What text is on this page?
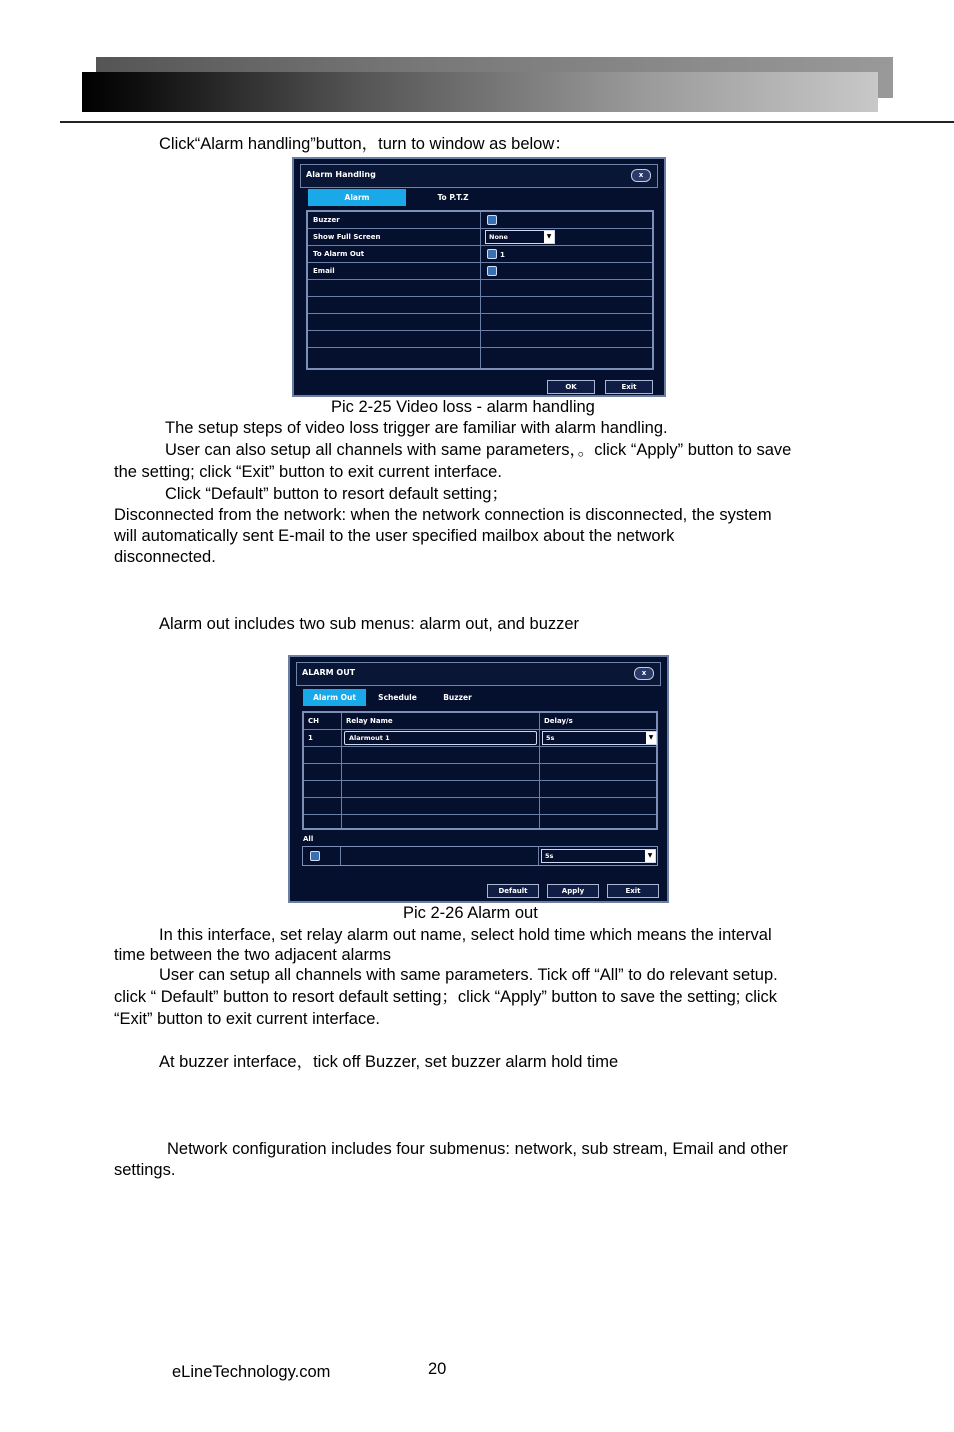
Click“Alarm handling”button，turn to window as below：
Alarm Handling	x
Alarm	To P.T.Z
Buzzer
Show Full Screen	None	▼
To Alarm Out	1
Email
OK	Exit
Pic 2-25 Video loss - alarm handling
The setup steps of video loss trigger are familiar with alarm handling.
User can also setup all channels with same parameters，。click “Apply” button to save
the setting; click “Exit” button to exit current interface.
Click “Default” button to resort default setting；
Disconnected from the network: when the network connection is disconnected, the system
will automatically sent E-mail to the user specified mailbox about the network
disconnected.
Alarm out includes two sub menus: alarm out, and buzzer
ALARM OUT	x
Alarm Out	Schedule	Buzzer
CH	Relay Name	Delay/s
1	Alarmout 1	5s	▼
All
5s	▼
Default	Apply	Exit
Pic 2-26 Alarm out
In this interface, set relay alarm out name, select hold time which means the interval
time between the two adjacent alarms
User can setup all channels with same parameters. Tick off “All” to do relevant setup.
click “ Default” button to resort default setting；click “Apply” button to save the setting; click
“Exit” button to exit current interface.
At buzzer interface，tick off Buzzer, set buzzer alarm hold time
Network configuration includes four submenus: network, sub stream, Email and other
settings.
eLineTechnology.com	20
